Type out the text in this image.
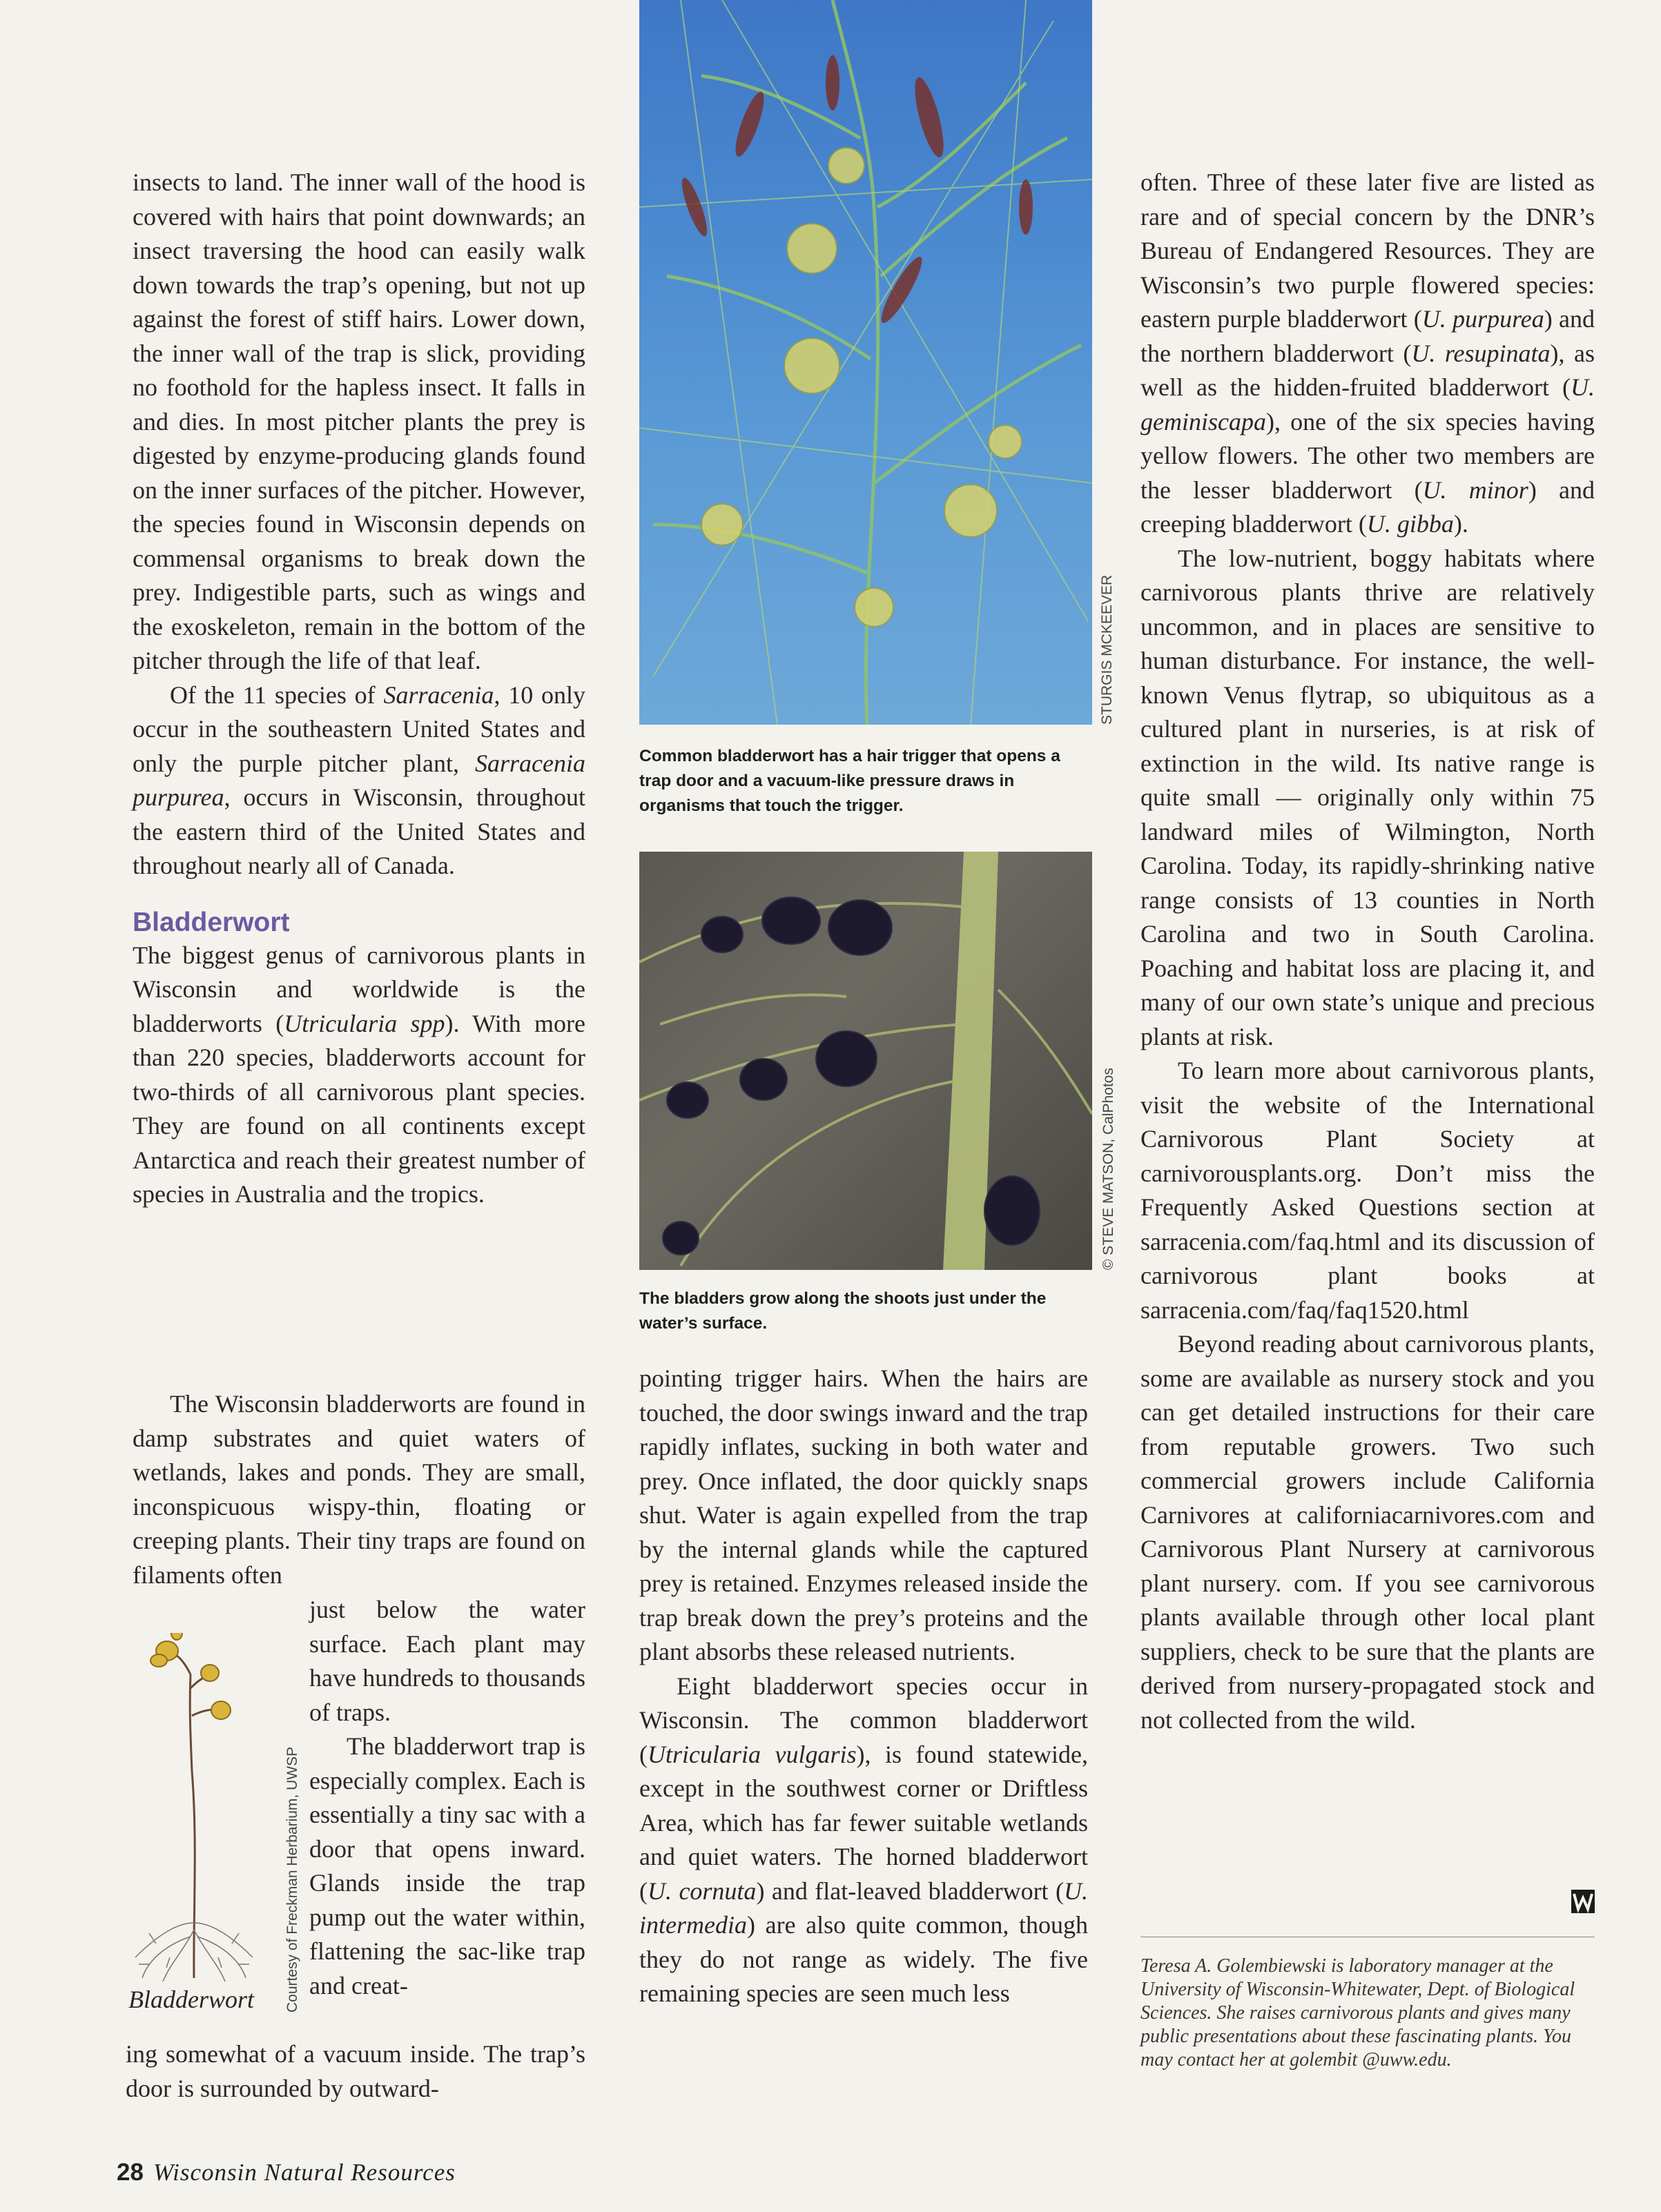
insects to land. The inner wall of the hood is covered with hairs that point downwards; an insect traversing the hood can easily walk down towards the trap’s opening, but not up against the forest of stiff hairs. Lower down, the inner wall of the trap is slick, providing no foothold for the hapless insect. It falls in and dies. In most pitcher plants the prey is digested by enzyme-producing glands found on the inner surfaces of the pitcher. However, the species found in Wisconsin depends on commensal organisms to break down the prey. Indigestible parts, such as wings and the exoskeleton, remain in the bottom of the pitcher through the life of that leaf.

Of the 11 species of Sarracenia, 10 only occur in the southeastern United States and only the purple pitcher plant, Sarracenia purpurea, occurs in Wisconsin, throughout the eastern third of the United States and throughout nearly all of Canada.

Bladderwort

The biggest genus of carnivorous plants in Wisconsin and worldwide is the bladderworts (Utricularia spp). With more than 220 species, bladderworts account for two-thirds of all carnivorous plant species. They are found on all continents except Antarctica and reach their greatest number of species in Australia and the tropics.

The Wisconsin bladderworts are found in damp substrates and quiet waters of wetlands, lakes and ponds. They are small, inconspicuous wispy-thin, floating or creeping plants. Their tiny traps are found on filaments often

just below the water surface. Each plant may have hundreds to thousands of traps.

The bladderwort trap is especially complex. Each is essentially a tiny sac with a door that opens inward. Glands inside the trap pump out the water within, flattening the sac-like trap and creat-

ing somewhat of a vacuum inside. The trap’s door is surrounded by outward-

Bladderwort Courtesy of Freckman Herbarium, UWSP
STURGIS MCKEEVER
Common bladderwort has a hair trigger that opens a trap door and a vacuum-like pressure draws in organisms that touch the trigger.
© STEVE MATSON, CalPhotos
The bladders grow along the shoots just under the water’s surface.

pointing trigger hairs. When the hairs are touched, the door swings inward and the trap rapidly inflates, sucking in both water and prey. Once inflated, the door quickly snaps shut. Water is again expelled from the trap by the internal glands while the captured prey is retained. Enzymes released inside the trap break down the prey’s proteins and the plant absorbs these released nutrients.

Eight bladderwort species occur in Wisconsin. The common bladderwort (Utricularia vulgaris), is found statewide, except in the southwest corner or Driftless Area, which has far fewer suitable wetlands and quiet waters. The horned bladderwort (U. cornuta) and flat-leaved bladderwort (U. intermedia) are also quite common, though they do not range as widely. The five remaining species are seen much less

often. Three of these later five are listed as rare and of special concern by the DNR’s Bureau of Endangered Resources. They are Wisconsin’s two purple flowered species: eastern purple bladderwort (U. purpurea) and the northern bladderwort (U. resupinata), as well as the hidden-fruited bladderwort (U. geminiscapa), one of the six species having yellow flowers. The other two members are the lesser bladderwort (U. minor) and creeping bladderwort (U. gibba).

The low-nutrient, boggy habitats where carnivorous plants thrive are relatively uncommon, and in places are sensitive to human disturbance. For instance, the well-known Venus flytrap, so ubiquitous as a cultured plant in nurseries, is at risk of extinction in the wild. Its native range is quite small — originally only within 75 landward miles of Wilmington, North Carolina. Today, its rapidly-shrinking native range consists of 13 counties in North Carolina and two in South Carolina. Poaching and habitat loss are placing it, and many of our own state’s unique and precious plants at risk.

To learn more about carnivorous plants, visit the website of the International Carnivorous Plant Society at carnivorousplants.org. Don’t miss the Frequently Asked Questions section at sarracenia.com/faq.html and its discussion of carnivorous plant books at sarracenia.com/faq/faq1520.html

Beyond reading about carnivorous plants, some are available as nursery stock and you can get detailed instructions for their care from reputable growers. Two such commercial growers include California Carnivores at californiacarnivores.com and Carnivorous Plant Nursery at carnivorous plant nursery. com. If you see carnivorous plants available through other local plant suppliers, check to be sure that the plants are derived from nursery-propagated stock and not collected from the wild.

Teresa A. Golembiewski is laboratory manager at the University of Wisconsin-Whitewater, Dept. of Biological Sciences. She raises carnivorous plants and gives many public presentations about these fascinating plants. You may contact her at golembit @uww.edu.
28 Wisconsin Natural Resources
